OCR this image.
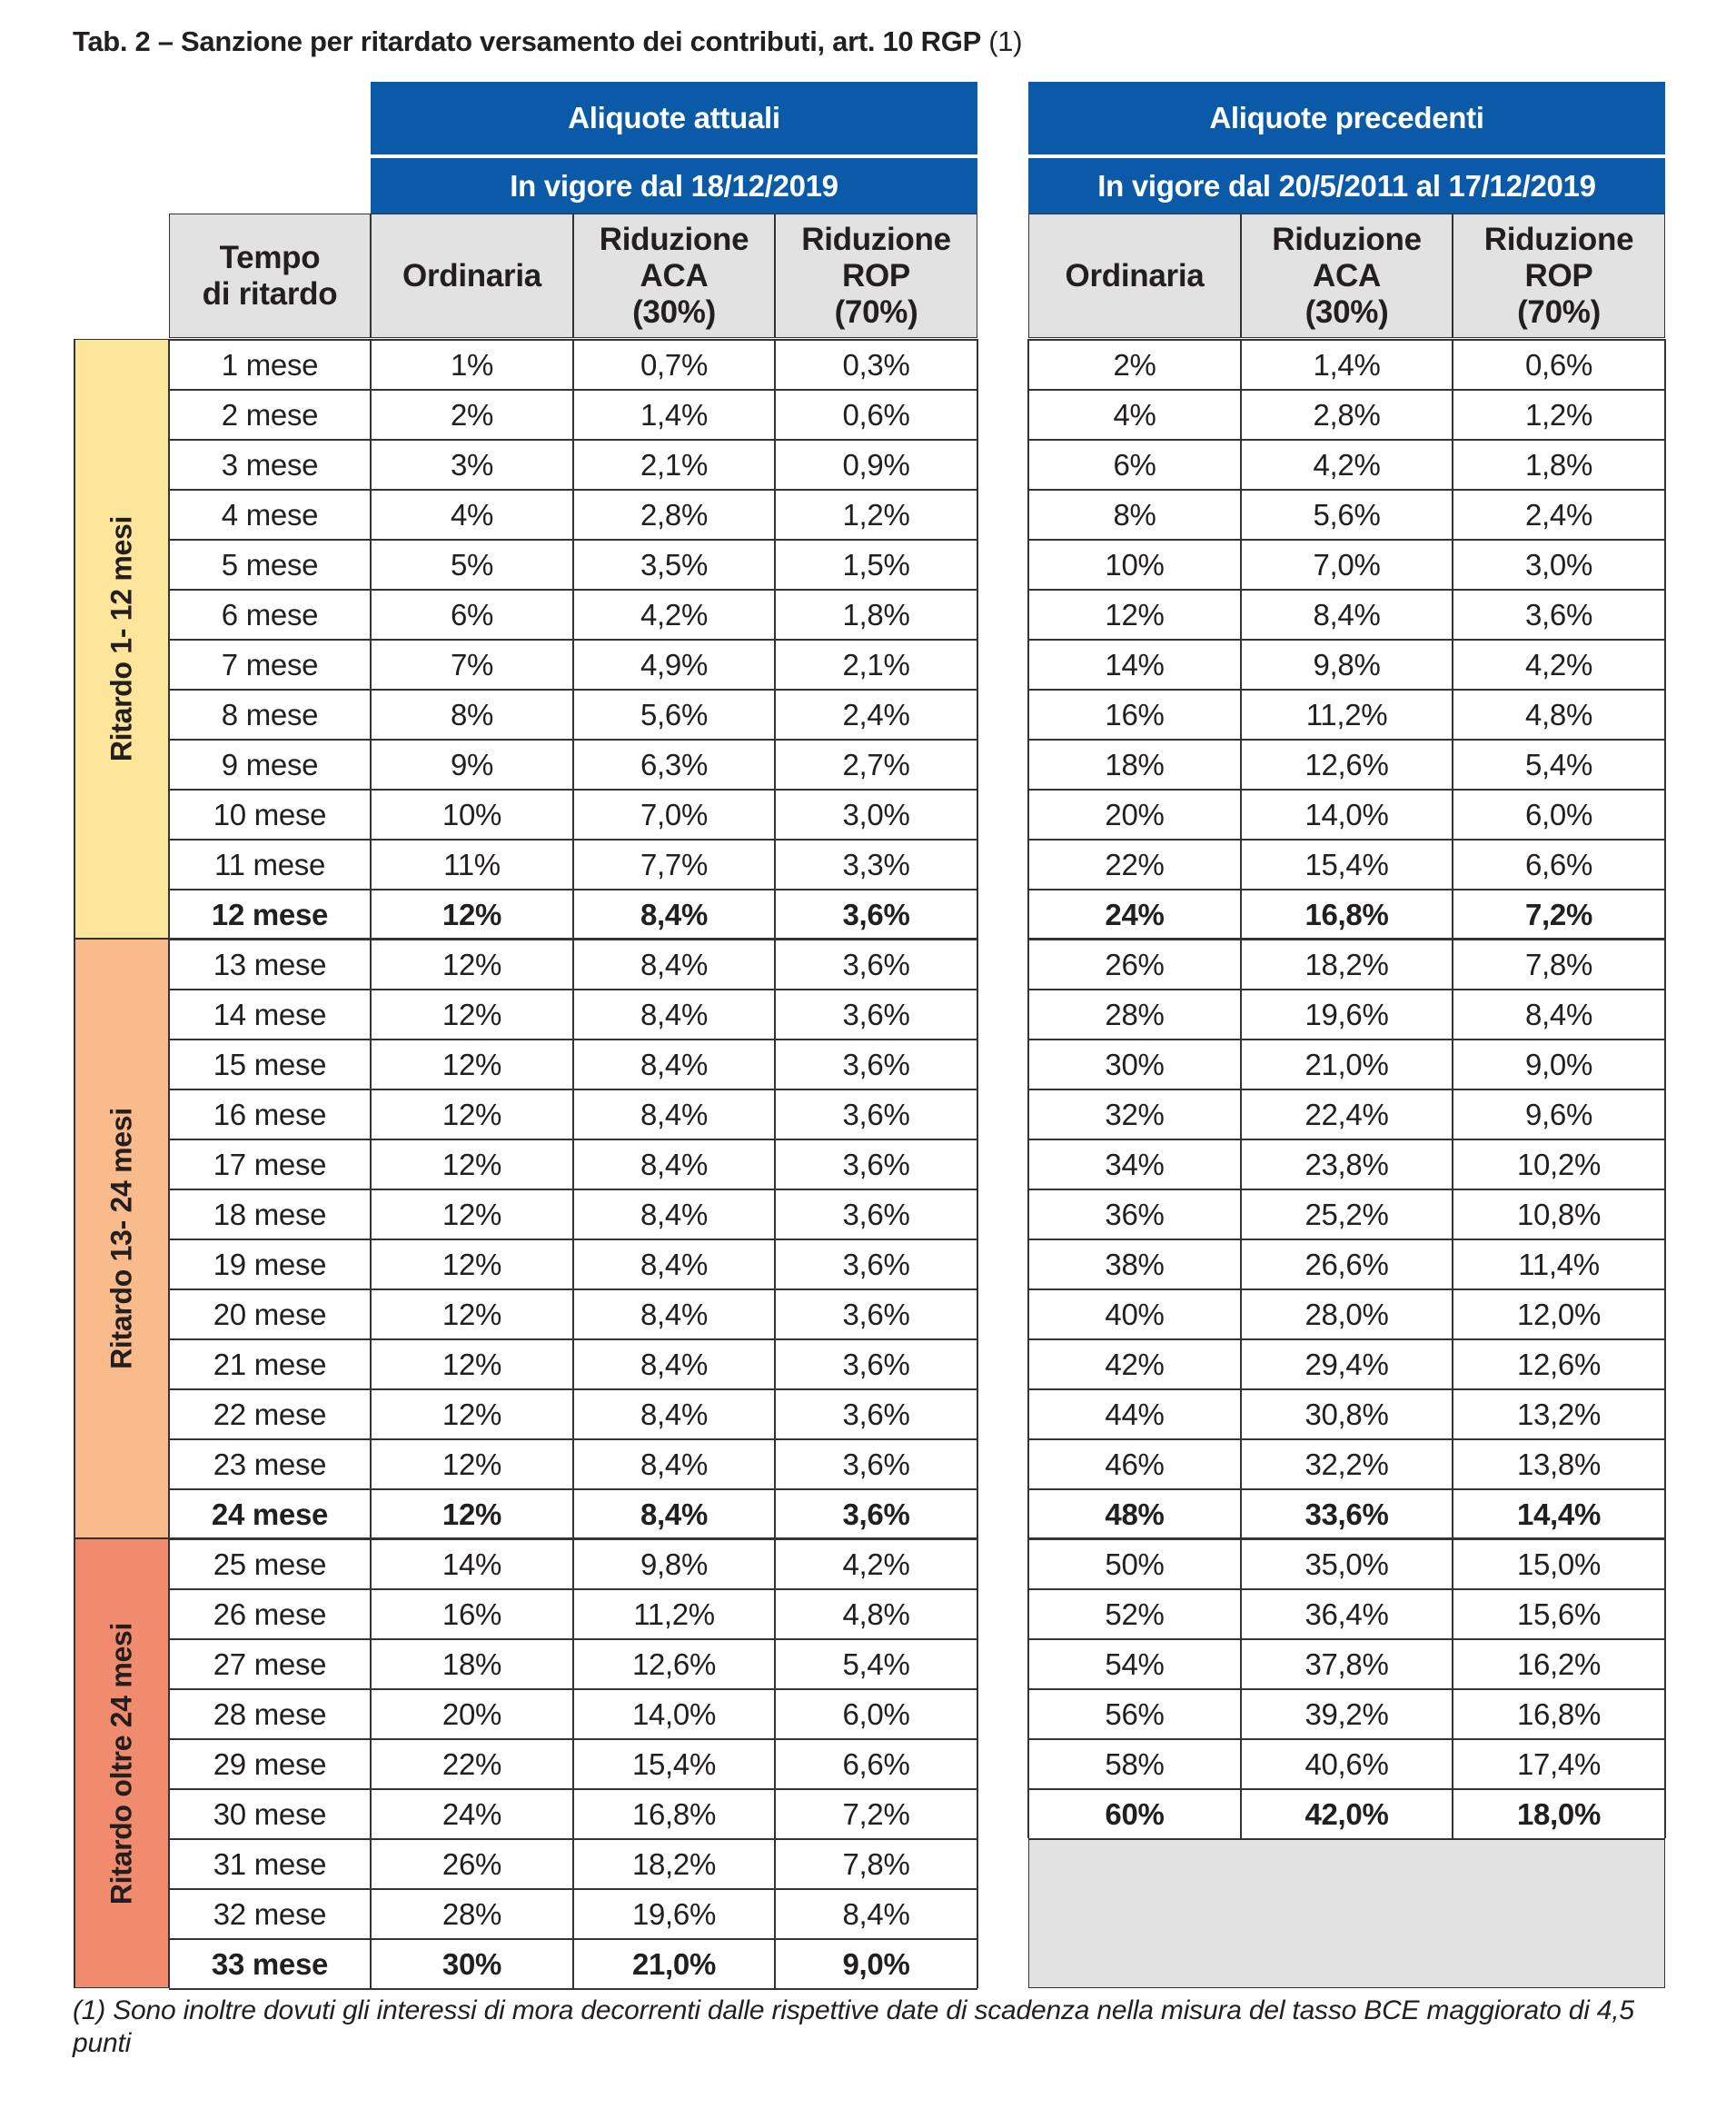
Tab. 2 – Sanzione per ritardato versamento dei contributi, art. 10 RGP (1)
Aliquote attuali
In vigore dal 18/12/2019
Aliquote precedenti
In vigore dal 20/5/2011 al 17/12/2019
Tempo di ritardo
Ordinaria
Riduzione ACA (30%)
Riduzione ROP (70%)
Ordinaria
Riduzione ACA (30%)
Riduzione ROP (70%)
Ritardo 1- 12 mesi
Ritardo 13- 24 mesi
Ritardo oltre 24 mesi
1 mese	1%	0,7%	0,3%	2%	1,4%	0,6%
2 mese	2%	1,4%	0,6%	4%	2,8%	1,2%
3 mese	3%	2,1%	0,9%	6%	4,2%	1,8%
4 mese	4%	2,8%	1,2%	8%	5,6%	2,4%
5 mese	5%	3,5%	1,5%	10%	7,0%	3,0%
6 mese	6%	4,2%	1,8%	12%	8,4%	3,6%
7 mese	7%	4,9%	2,1%	14%	9,8%	4,2%
8 mese	8%	5,6%	2,4%	16%	11,2%	4,8%
9 mese	9%	6,3%	2,7%	18%	12,6%	5,4%
10 mese	10%	7,0%	3,0%	20%	14,0%	6,0%
11 mese	11%	7,7%	3,3%	22%	15,4%	6,6%
12 mese	12%	8,4%	3,6%	24%	16,8%	7,2%
13 mese	12%	8,4%	3,6%	26%	18,2%	7,8%
14 mese	12%	8,4%	3,6%	28%	19,6%	8,4%
15 mese	12%	8,4%	3,6%	30%	21,0%	9,0%
16 mese	12%	8,4%	3,6%	32%	22,4%	9,6%
17 mese	12%	8,4%	3,6%	34%	23,8%	10,2%
18 mese	12%	8,4%	3,6%	36%	25,2%	10,8%
19 mese	12%	8,4%	3,6%	38%	26,6%	11,4%
20 mese	12%	8,4%	3,6%	40%	28,0%	12,0%
21 mese	12%	8,4%	3,6%	42%	29,4%	12,6%
22 mese	12%	8,4%	3,6%	44%	30,8%	13,2%
23 mese	12%	8,4%	3,6%	46%	32,2%	13,8%
24 mese	12%	8,4%	3,6%	48%	33,6%	14,4%
25 mese	14%	9,8%	4,2%	50%	35,0%	15,0%
26 mese	16%	11,2%	4,8%	52%	36,4%	15,6%
27 mese	18%	12,6%	5,4%	54%	37,8%	16,2%
28 mese	20%	14,0%	6,0%	56%	39,2%	16,8%
29 mese	22%	15,4%	6,6%	58%	40,6%	17,4%
30 mese	24%	16,8%	7,2%	60%	42,0%	18,0%
31 mese	26%	18,2%	7,8%
32 mese	28%	19,6%	8,4%
33 mese	30%	21,0%	9,0%
(1) Sono inoltre dovuti gli interessi di mora decorrenti dalle rispettive date di scadenza nella misura del tasso BCE maggiorato di 4,5 punti
